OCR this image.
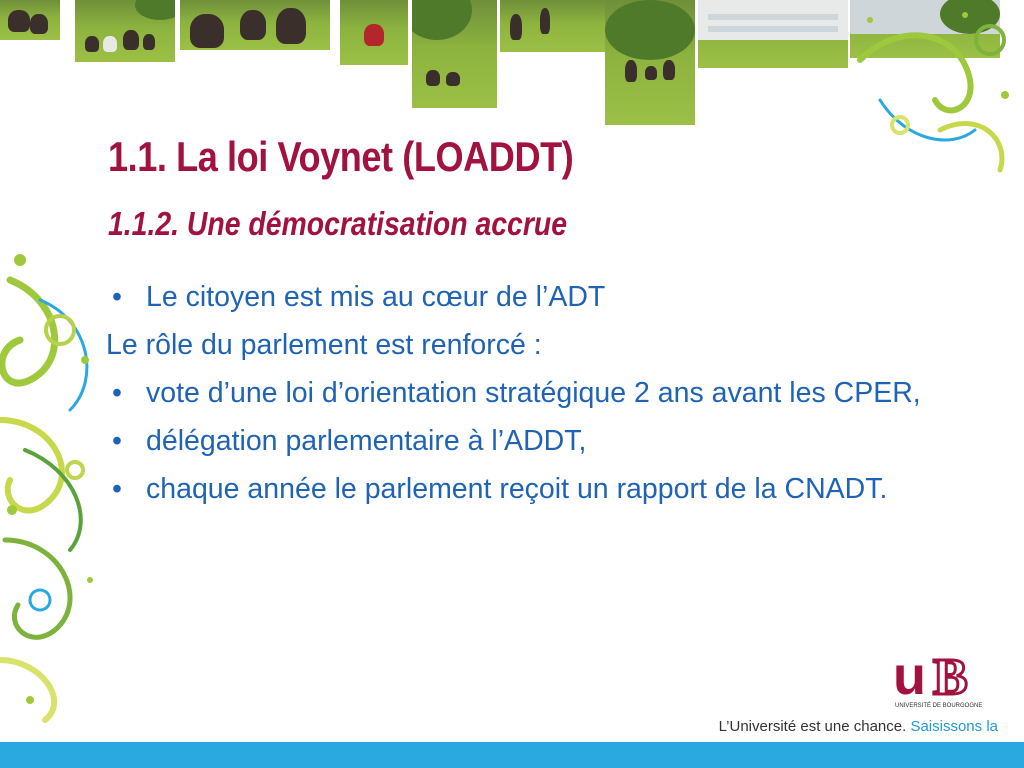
1.1. La loi Voynet (LOADDT)
1.1.2. Une démocratisation accrue

• Le citoyen est mis au cœur de l’ADT

Le rôle du parlement est renforcé :

• vote d’une loi d’orientation stratégique 2 ans avant les CPER,

• délégation parlementaire à l’ADDT,

• chaque année le parlement reçoit un rapport de la CNADT.

u B
UNIVERSITÉ DE BOURGOGNE
L’Université est une chance. Saisissons la
